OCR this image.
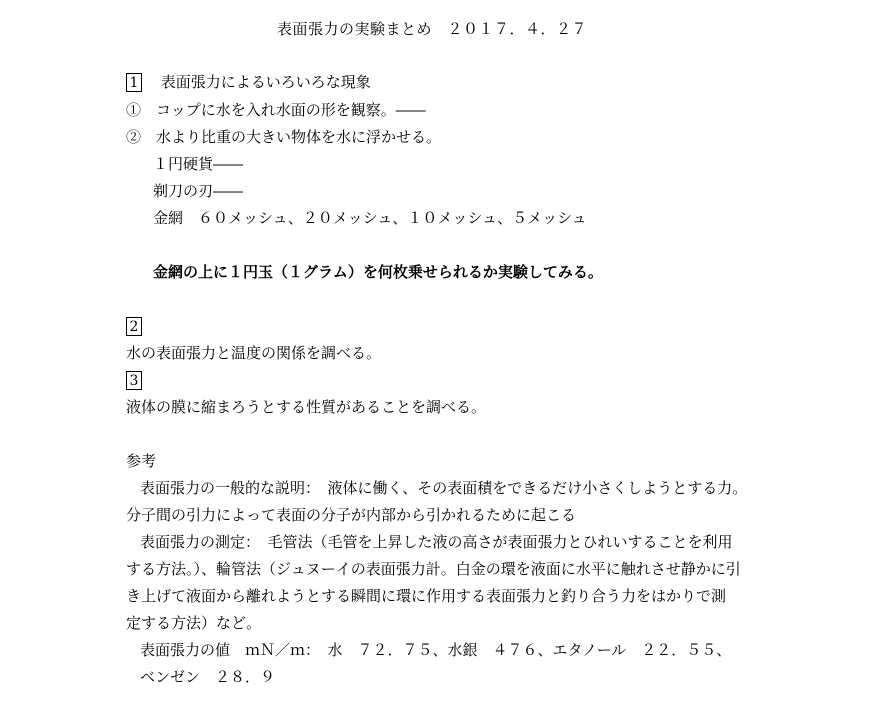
表面張力の実験まとめ　２０１７．４．２７
1 表面張力によるいろいろな現象
①　コップに水を入れ水面の形を観察。――
②　水より比重の大きい物体を水に浮かせる。
１円硬貨――
剃刀の刃――
金網　６０メッシュ、２０メッシュ、１０メッシュ、５メッシュ
金網の上に１円玉（１グラム）を何枚乗せられるか実験してみる。
2
水の表面張力と温度の関係を調べる。
3
液体の膜に縮まろうとする性質があることを調べる。
参考
表面張力の一般的な説明：　液体に働く、その表面積をできるだけ小さくしようとする力。
分子間の引力によって表面の分子が内部から引かれるために起こる
表面張力の測定：　毛管法（毛管を上昇した液の高さが表面張力とひれいすることを利用
する方法。）、輪管法（ジュヌーイの表面張力計。白金の環を液面に水平に触れさせ静かに引
き上げて液面から離れようとする瞬間に環に作用する表面張力と釣り合う力をはかりで測
定する方法）など。
表面張力の値　ｍＮ／ｍ：　水　７２．７５、水銀　４７６、エタノール　２２．５５、
ベンゼン　２８．９
